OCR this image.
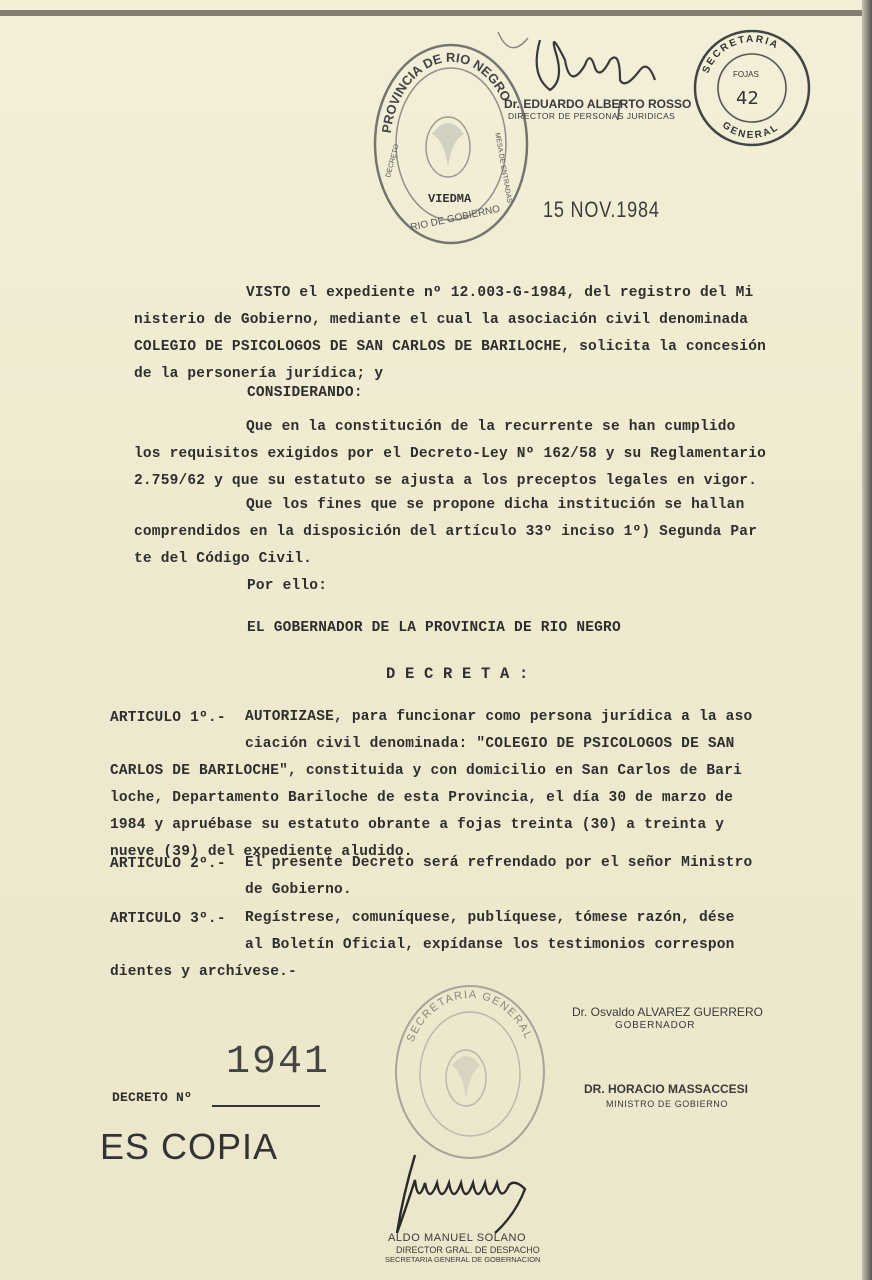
PROVINCIA DE RIO NEGRO
VIEDMA
RIO DE GOBIERNO
DECRETO	MESA DE ENTRADAS
Dr. EDUARDO ALBERTO ROSSO
DIRECTOR DE PERSONAS JURIDICAS
SECRETARIA
GENERAL
FOJAS
42
15 NOV.1984
VISTO el expediente nº 12.003-G-1984, del registro del Mi
nisterio de Gobierno, mediante el cual la asociación civil denominada
COLEGIO DE PSICOLOGOS DE SAN CARLOS DE BARILOCHE, solicita la concesión
de la personería jurídica; y
CONSIDERANDO:
Que en la constitución de la recurrente se han cumplido
los requisitos exigidos por el Decreto-Ley Nº 162/58 y su Reglamentario
2.759/62 y que su estatuto se ajusta a los preceptos legales en vigor.
Que los fines que se propone dicha institución se hallan
comprendidos en la disposición del artículo 33º inciso 1º) Segunda Par
te del Código Civil.
Por ello:
EL GOBERNADOR DE LA PROVINCIA DE RIO NEGRO
D E C R E T A :
ARTICULO 1º.-	AUTORIZASE, para funcionar como persona jurídica a la aso
ciación civil denominada: "COLEGIO DE PSICOLOGOS DE SAN
CARLOS DE BARILOCHE", constituida y con domicilio en San Carlos de Bari
loche, Departamento Bariloche de esta Provincia, el día 30 de marzo de
1984 y apruébase su estatuto obrante a fojas treinta (30) a treinta y
nueve (39) del expediente aludido.
ARTICULO 2º.- El presente Decreto será refrendado por el señor Ministro
de Gobierno.
ARTICULO 3º.-	Regístrese, comuníquese, publíquese, tómese razón, dése
al Boletín Oficial, expídanse los testimonios correspon
dientes y archívese.-
SECRETARIA GENERAL
Dr. Osvaldo ALVAREZ GUERRERO
GOBERNADOR
1941
DECRETO Nº
DR. HORACIO MASSACCESI
MINISTRO DE GOBIERNO
ES COPIA
ALDO MANUEL SOLANO
DIRECTOR GRAL. DE DESPACHO
SECRETARIA GENERAL DE GOBERNACION
